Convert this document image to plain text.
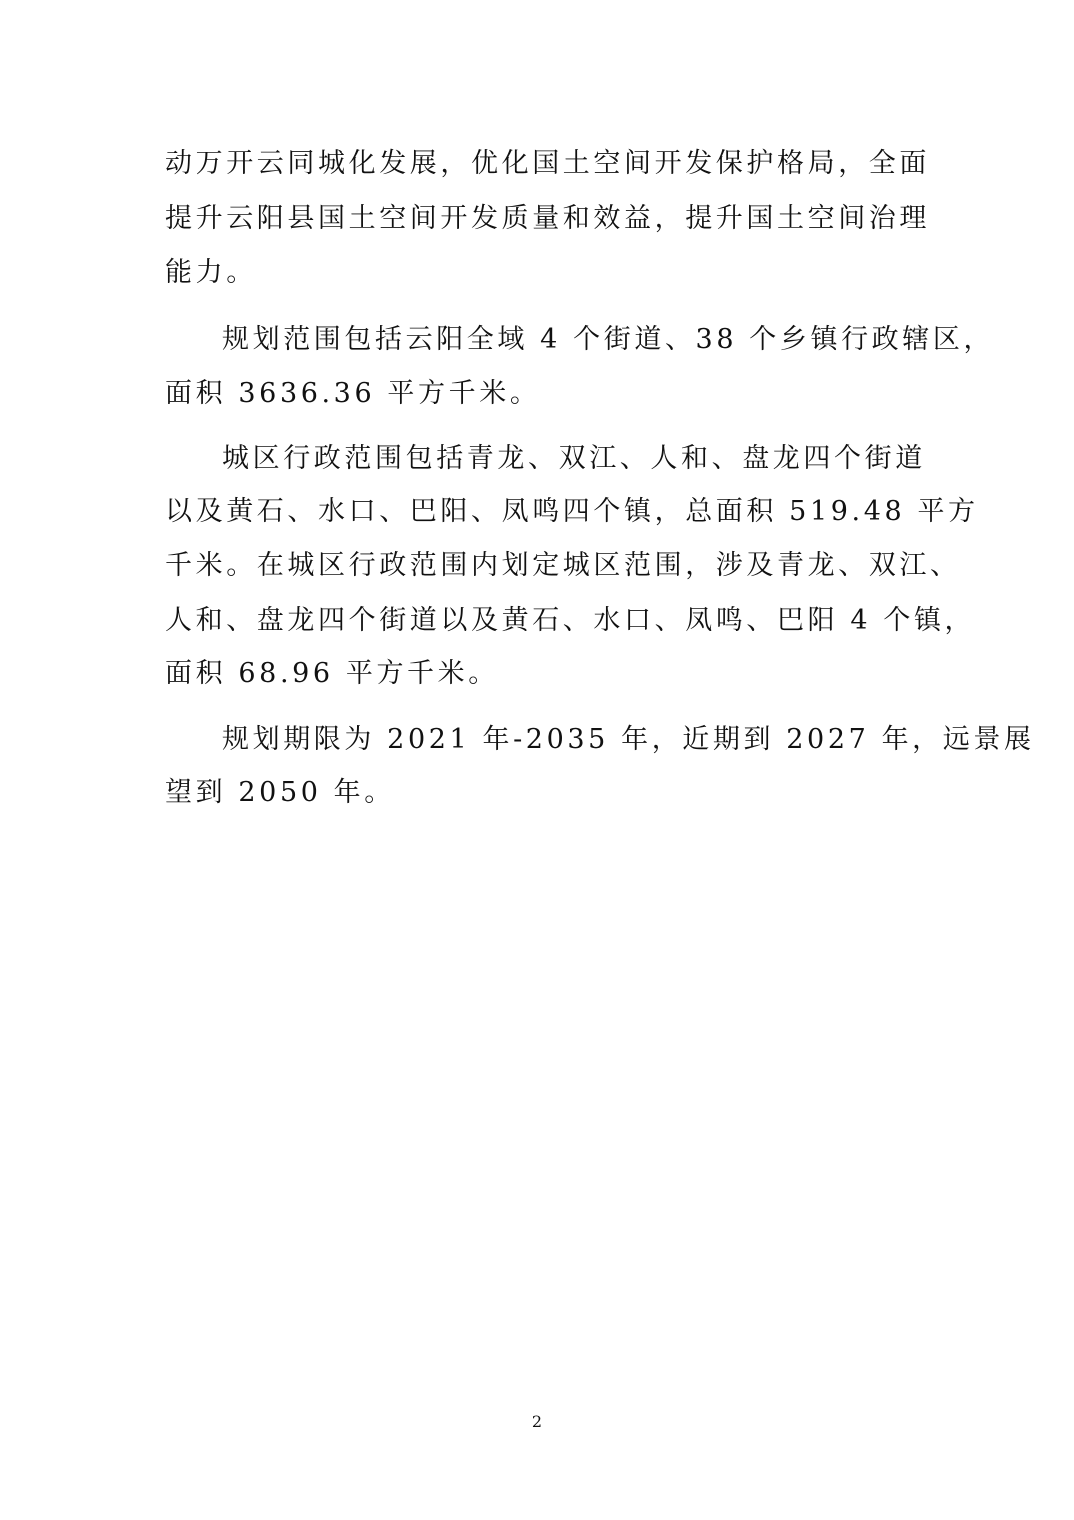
动万开云同城化发展，优化国土空间开发保护格局，全面
提升云阳县国土空间开发质量和效益，提升国土空间治理
能力。
规划范围包括云阳全域 4 个街道、38 个乡镇行政辖区，
面积 3636.36 平方千米。
城区行政范围包括青龙、双江、人和、盘龙四个街道
以及黄石、水口、巴阳、凤鸣四个镇，总面积 519.48 平方
千米。在城区行政范围内划定城区范围，涉及青龙、双江、
人和、盘龙四个街道以及黄石、水口、凤鸣、巴阳 4 个镇，
面积 68.96 平方千米。
规划期限为 2021 年-2035 年，近期到 2027 年，远景展
望到 2050 年。
2
